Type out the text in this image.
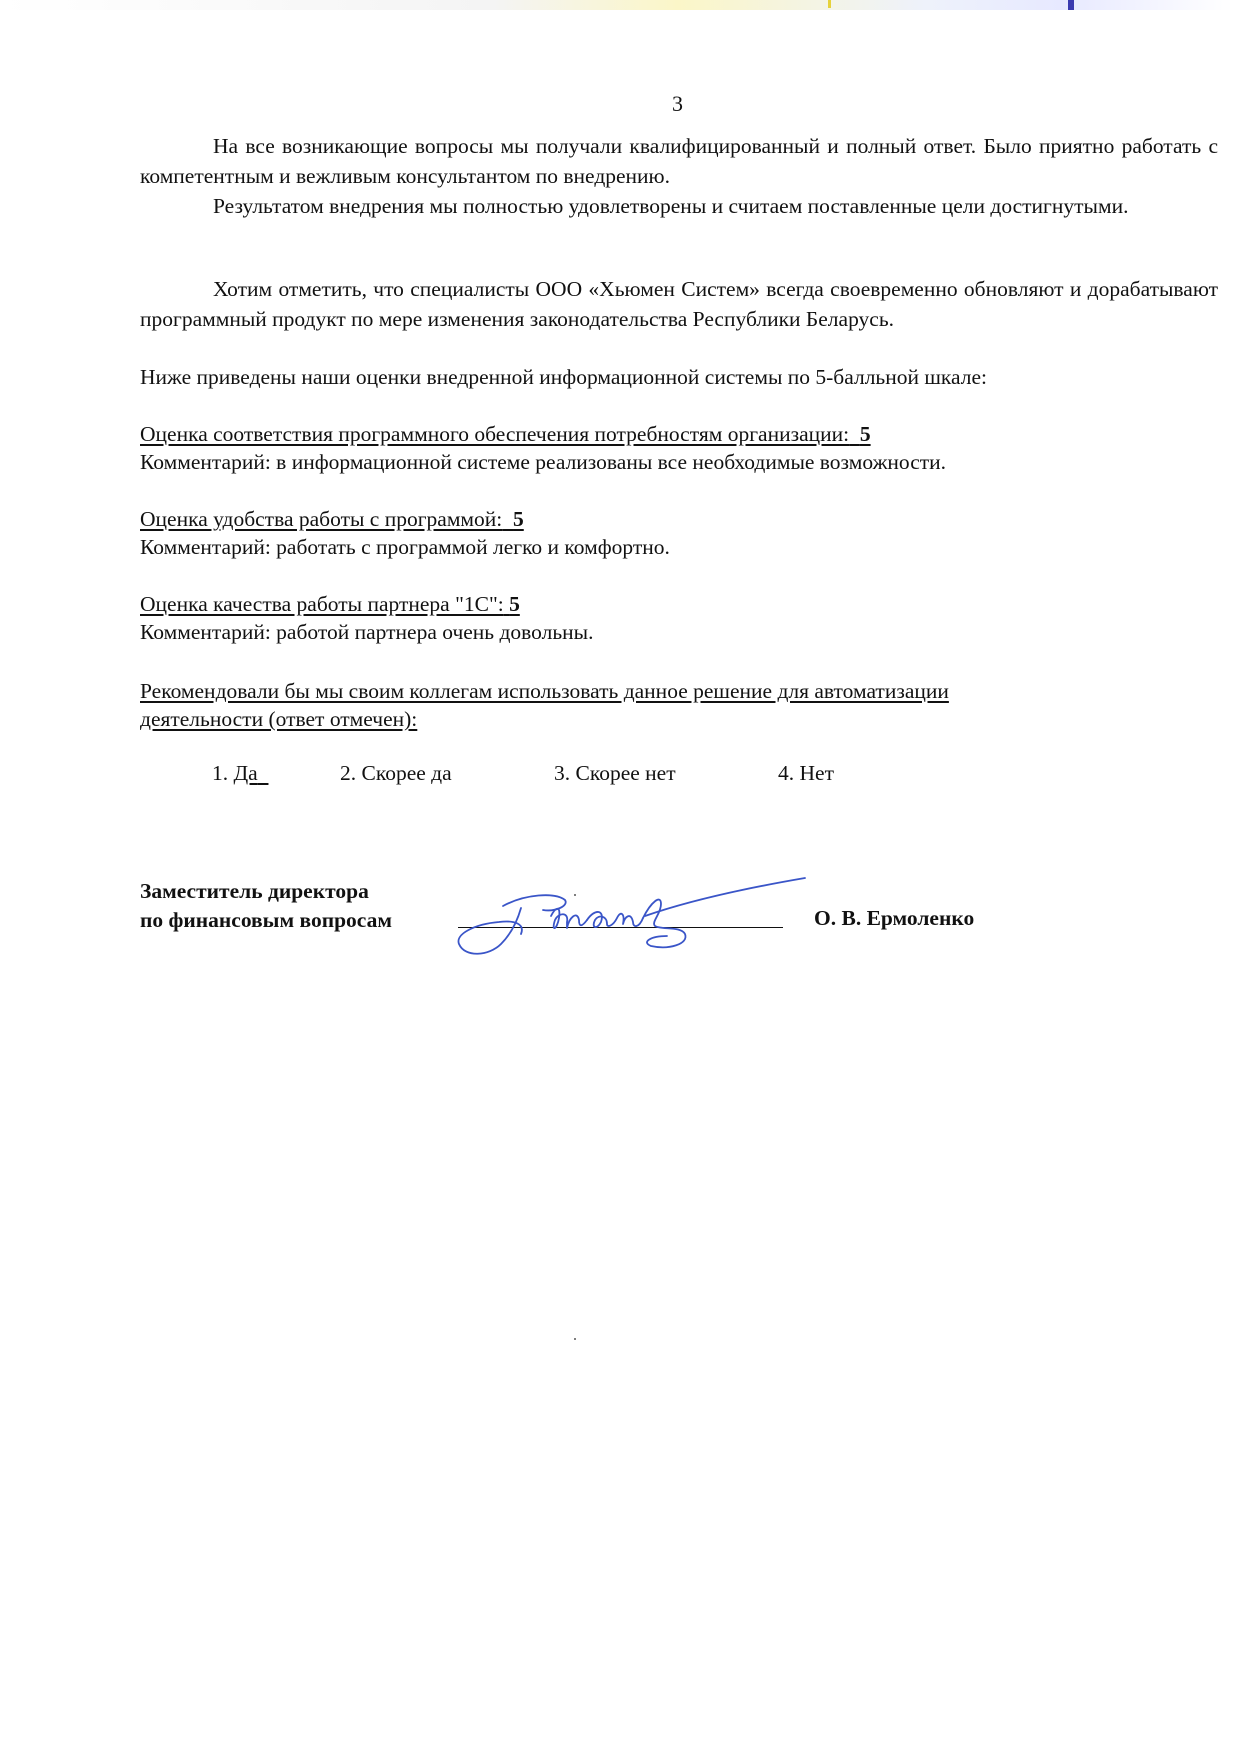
3
На все возникающие вопросы мы получали квалифицированный и полный ответ. Было приятно работать с компетентным и вежливым консультантом по внедрению.
Результатом внедрения мы полностью удовлетворены и считаем поставленные цели достигнутыми.
Хотим отметить, что специалисты ООО «Хьюмен Систем» всегда своевременно обновляют и дорабатывают программный продукт по мере изменения законодательства Республики Беларусь.
Ниже приведены наши оценки внедренной информационной системы по 5-балльной шкале:
Оценка соответствия программного обеспечения потребностям организации: 5
Комментарий: в информационной системе реализованы все необходимые возможности.
Оценка удобства работы с программой: 5
Комментарий: работать с программой легко и комфортно.
Оценка качества работы партнера "1С": 5
Комментарий: работой партнера очень довольны.
Рекомендовали бы мы своим коллегам использовать данное решение для автоматизации
деятельности (ответ отмечен):
1. Да	2. Скорее да	3. Скорее нет	4. Нет
Заместитель директора
по финансовым вопросам	О. В. Ермоленко
